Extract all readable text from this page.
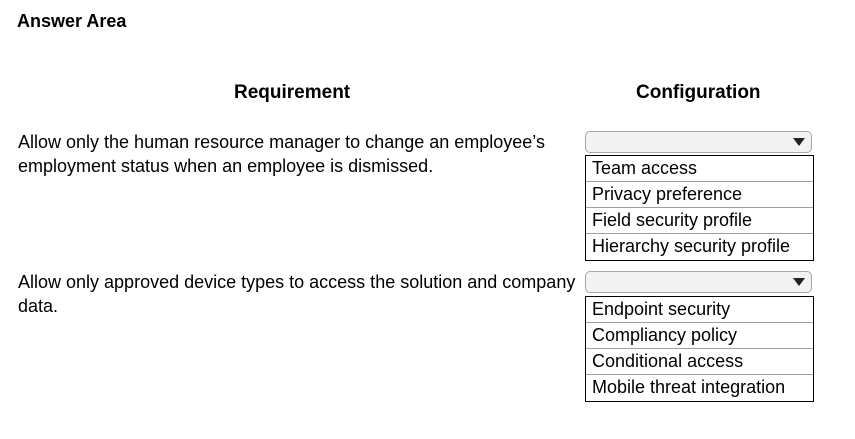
Answer Area
Requirement	Configuration
Allow only the human resource manager to change an employee’s employment status when an employee is dismissed.	Team access
Privacy preference
Field security profile
Hierarchy security profile
Allow only approved device types to access the solution and company data.	Endpoint security
Compliancy policy
Conditional access
Mobile threat integration
